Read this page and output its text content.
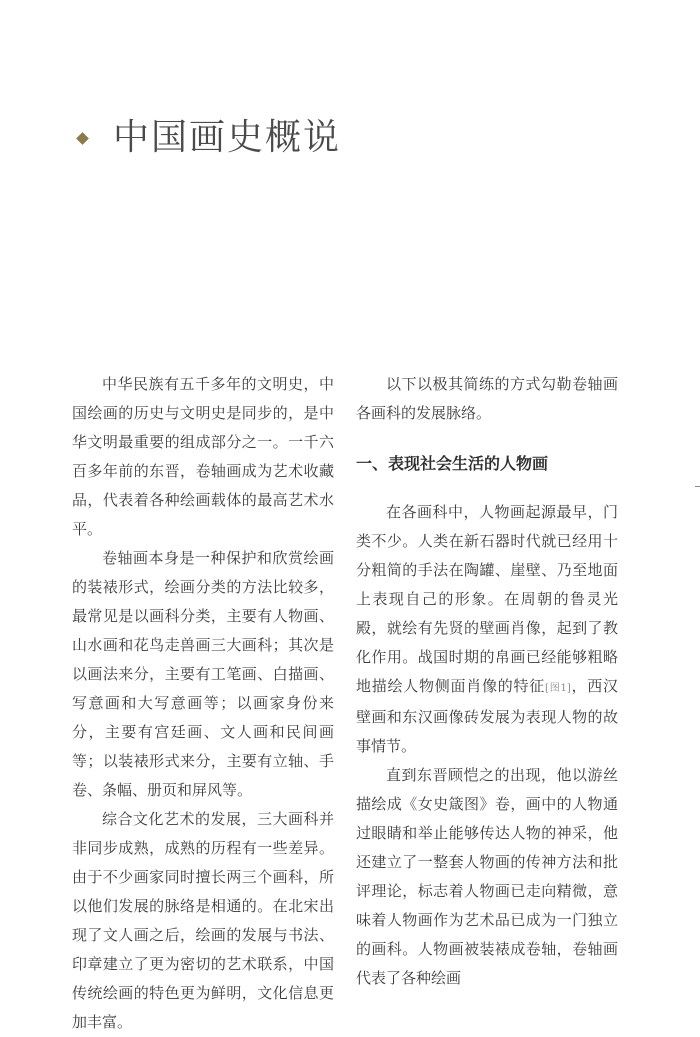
中国画史概说

中华民族有五千多年的文明史，中国绘画的历史与文明史是同步的，是中华文明最重要的组成部分之一。一千六百多年前的东晋，卷轴画成为艺术收藏品，代表着各种绘画载体的最高艺术水平。

卷轴画本身是一种保护和欣赏绘画的装裱形式，绘画分类的方法比较多，最常见是以画科分类，主要有人物画、山水画和花鸟走兽画三大画科；其次是以画法来分，主要有工笔画、白描画、写意画和大写意画等；以画家身份来分，主要有宫廷画、文人画和民间画等；以装裱形式来分，主要有立轴、手卷、条幅、册页和屏风等。

综合文化艺术的发展，三大画科并非同步成熟，成熟的历程有一些差异。由于不少画家同时擅长两三个画科，所以他们发展的脉络是相通的。在北宋出现了文人画之后，绘画的发展与书法、印章建立了更为密切的艺术联系，中国传统绘画的特色更为鲜明，文化信息更加丰富。

以下以极其简练的方式勾勒卷轴画各画科的发展脉络。

一、表现社会生活的人物画

在各画科中，人物画起源最早，门类不少。人类在新石器时代就已经用十分粗简的手法在陶罐、崖壁、乃至地面上表现自己的形象。在周朝的鲁灵光殿，就绘有先贤的壁画肖像，起到了教化作用。战国时期的帛画已经能够粗略地描绘人物侧面肖像的特征[图1]，西汉壁画和东汉画像砖发展为表现人物的故事情节。

直到东晋顾恺之的出现，他以游丝描绘成《女史箴图》卷，画中的人物通过眼睛和举止能够传达人物的神采，他还建立了一整套人物画的传神方法和批评理论，标志着人物画已走向精微，意味着人物画作为艺术品已成为一门独立的画科。人物画被装裱成卷轴，卷轴画代表了各种绘画
